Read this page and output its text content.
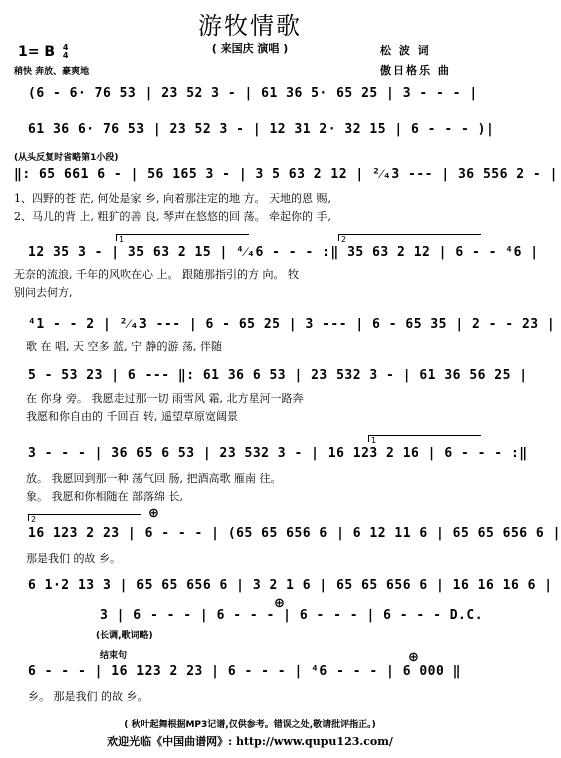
游牧情歌
( 来国庆 演唱 )
1= B 4
4
稍快 奔放、豪爽地
松 波 词
傲日格乐 曲
(6 - 6· 76 53 | 23 52 3 - | 61 36 5· 65 25 | 3 - - - |
61 36 6· 76 53 | 23 52 3 - | 12 31 2· 32 15 | 6 - - - )|
(从头反复时省略第1小段)
‖: 65 661 6 - | 56 165 3 - | 3 5 63 2 12 | ²⁄₄3 --- | 36 556 2 - |
1、四野的苍 茫, 何处是家 乡, 向着那注定的地 方。 天地的恩 赐,
2、马儿的背 上, 粗犷的善 良, 琴声在悠悠的回 荡。 牵起你的 手,
1	2
12 35 3 - | 35 63 2 15 | ⁴⁄₄6 - - - :‖ 35 63 2 12 | 6 - - ⁴6 |
无奈的流浪, 千年的风吹在心 上。 跟随那指引的方 向。 牧
别问去何方,
⁴1 - - 2 | ²⁄₄3 --- | 6 - 65 25 | 3 --- | 6 - 65 35 | 2 - - 23 |
歌 在 唱, 天 空多 蓝, 宁 静的游 荡, 伴随
5 - 53 23 | 6 --- ‖: 61 36 6 53 | 23 532 3 - | 61 36 56 25 |
在 你身 旁。 我愿走过那一切 雨雪风 霜, 北方星河一路奔
我愿和你自由的 千回百 转, 遥望草原宽阔景
1
3 - - - | 36 65 6 53 | 23 532 3 - | 16 123 2 16 | 6 - - - :‖
放。 我愿回到那一种 荡气回 肠, 把酒高歌 雁南 往。
象。 我愿和你相随在 部落绵 长,
2	⊕
16 123 2 23 | 6 - - - | (65 65 656 6 | 6 12 11 6 | 65 65 656 6 |
那是我们 的故 乡。
6 1·2 13 3 | 65 65 656 6 | 3 2 1 6 | 65 65 656 6 | 16 16 16 6 |
⊕
3 | 6 - - - | 6 - - - | 6 - - - | 6 - - - D.C.
(长调,歌词略)
结束句	⊕
6 - - - | 16 123 2 23 | 6 - - - | ⁴6 - - - | 6 000 ‖
乡。 那是我们 的故 乡。
( 秋叶起舞根据MP3记谱,仅供参考。错误之处,敬请批评指正。)
欢迎光临《中国曲谱网》: http://www.qupu123.com/
